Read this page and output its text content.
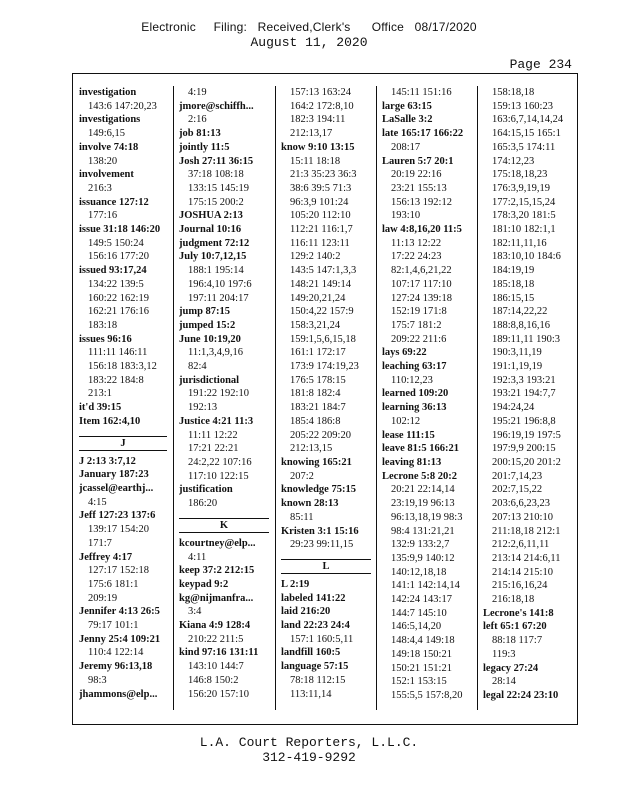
Electronic     Filing:   Received,Clerk's      Office   08/17/2020
August 11, 2020
Page 234
investigation
143:6 147:20,23
investigations
149:6,15
involve 74:18
138:20
involvement
216:3
issuance 127:12
177:16
issue 31:18 146:20
149:5 150:24
156:16 177:20
issued 93:17,24
134:22 139:5
160:22 162:19
162:21 176:16
183:18
issues 96:16
111:11 146:11
156:18 183:3,12
183:22 184:8
213:1
it'd 39:15
Item 162:4,10
J
J 2:13 3:7,12
January 187:23
jcassel@earthj...
4:15
Jeff 127:23 137:6
139:17 154:20
171:7
Jeffrey 4:17
127:17 152:18
175:6 181:1
209:19
Jennifer 4:13 26:5
79:17 101:1
Jenny 25:4 109:21
110:4 122:14
Jeremy 96:13,18
98:3
jhammons@elp...
4:19
jmore@schiffh...
2:16
job 81:13
jointly 11:5
Josh 27:11 36:15
37:18 108:18
133:15 145:19
175:15 200:2
JOSHUA 2:13
Journal 10:16
judgment 72:12
July 10:7,12,15
188:1 195:14
196:4,10 197:6
197:11 204:17
jump 87:15
jumped 15:2
June 10:19,20
11:1,3,4,9,16
82:4
jurisdictional
191:22 192:10
192:13
Justice 4:21 11:3
11:11 12:22
17:21 22:21
24:2,22 107:16
117:10 122:15
justification
186:20
K
kcourtney@elp...
4:11
keep 37:2 212:15
keypad 9:2
kg@nijmanfra...
3:4
Kiana 4:9 128:4
210:22 211:5
kind 97:16 131:11
143:10 144:7
146:8 150:2
156:20 157:10
157:13 163:24
164:2 172:8,10
182:3 194:11
212:13,17
know 9:10 13:15
15:11 18:18
21:3 35:23 36:3
38:6 39:5 71:3
96:3,9 101:24
105:20 112:10
112:21 116:1,7
116:11 123:11
129:2 140:2
143:5 147:1,3,3
148:21 149:14
149:20,21,24
150:4,22 157:9
158:3,21,24
159:1,5,6,15,18
161:1 172:17
173:9 174:19,23
176:5 178:15
181:8 182:4
183:21 184:7
185:4 186:8
205:22 209:20
212:13,15
knowing 165:21
207:2
knowledge 75:15
known 28:13
85:11
Kristen 3:1 15:16
29:23 99:11,15
L
L 2:19
labeled 141:22
laid 216:20
land 22:23 24:4
157:1 160:5,11
landfill 160:5
language 57:15
78:18 112:15
113:11,14
145:11 151:16
large 63:15
LaSalle 3:2
late 165:17 166:22
208:17
Lauren 5:7 20:1
20:19 22:16
23:21 155:13
156:13 192:12
193:10
law 4:8,16,20 11:5
11:13 12:22
17:22 24:23
82:1,4,6,21,22
107:17 117:10
127:24 139:18
152:19 171:8
175:7 181:2
209:22 211:6
lays 69:22
leaching 63:17
110:12,23
learned 109:20
learning 36:13
102:12
lease 111:15
leave 81:5 166:21
leaving 81:13
Lecrone 5:8 20:2
20:21 22:14,14
23:19,19 96:13
96:13,18,19 98:3
98:4 131:21,21
132:9 133:2,7
135:9,9 140:12
140:12,18,18
141:1 142:14,14
142:24 143:17
144:7 145:10
146:5,14,20
148:4,4 149:18
149:18 150:21
150:21 151:21
152:1 153:15
155:5,5 157:8,20
158:18,18
159:13 160:23
163:6,7,14,14,24
164:15,15 165:1
165:3,5 174:11
174:12,23
175:18,18,23
176:3,9,19,19
177:2,15,15,24
178:3,20 181:5
181:10 182:1,1
182:11,11,16
183:10,10 184:6
184:19,19
185:18,18
186:15,15
187:14,22,22
188:8,8,16,16
189:11,11 190:3
190:3,11,19
191:1,19,19
192:3,3 193:21
193:21 194:7,7
194:24,24
195:21 196:8,8
196:19,19 197:5
197:9,9 200:15
200:15,20 201:2
201:7,14,23
202:7,15,22
203:6,6,23,23
207:13 210:10
211:18,18 212:1
212:2,6,11,11
213:14 214:6,11
214:14 215:10
215:16,16,24
216:18,18
Lecrone's 141:8
left 65:1 67:20
88:18 117:7
119:3
legacy 27:24
28:14
legal 22:24 23:10
L.A. Court Reporters, L.L.C.
312-419-9292
